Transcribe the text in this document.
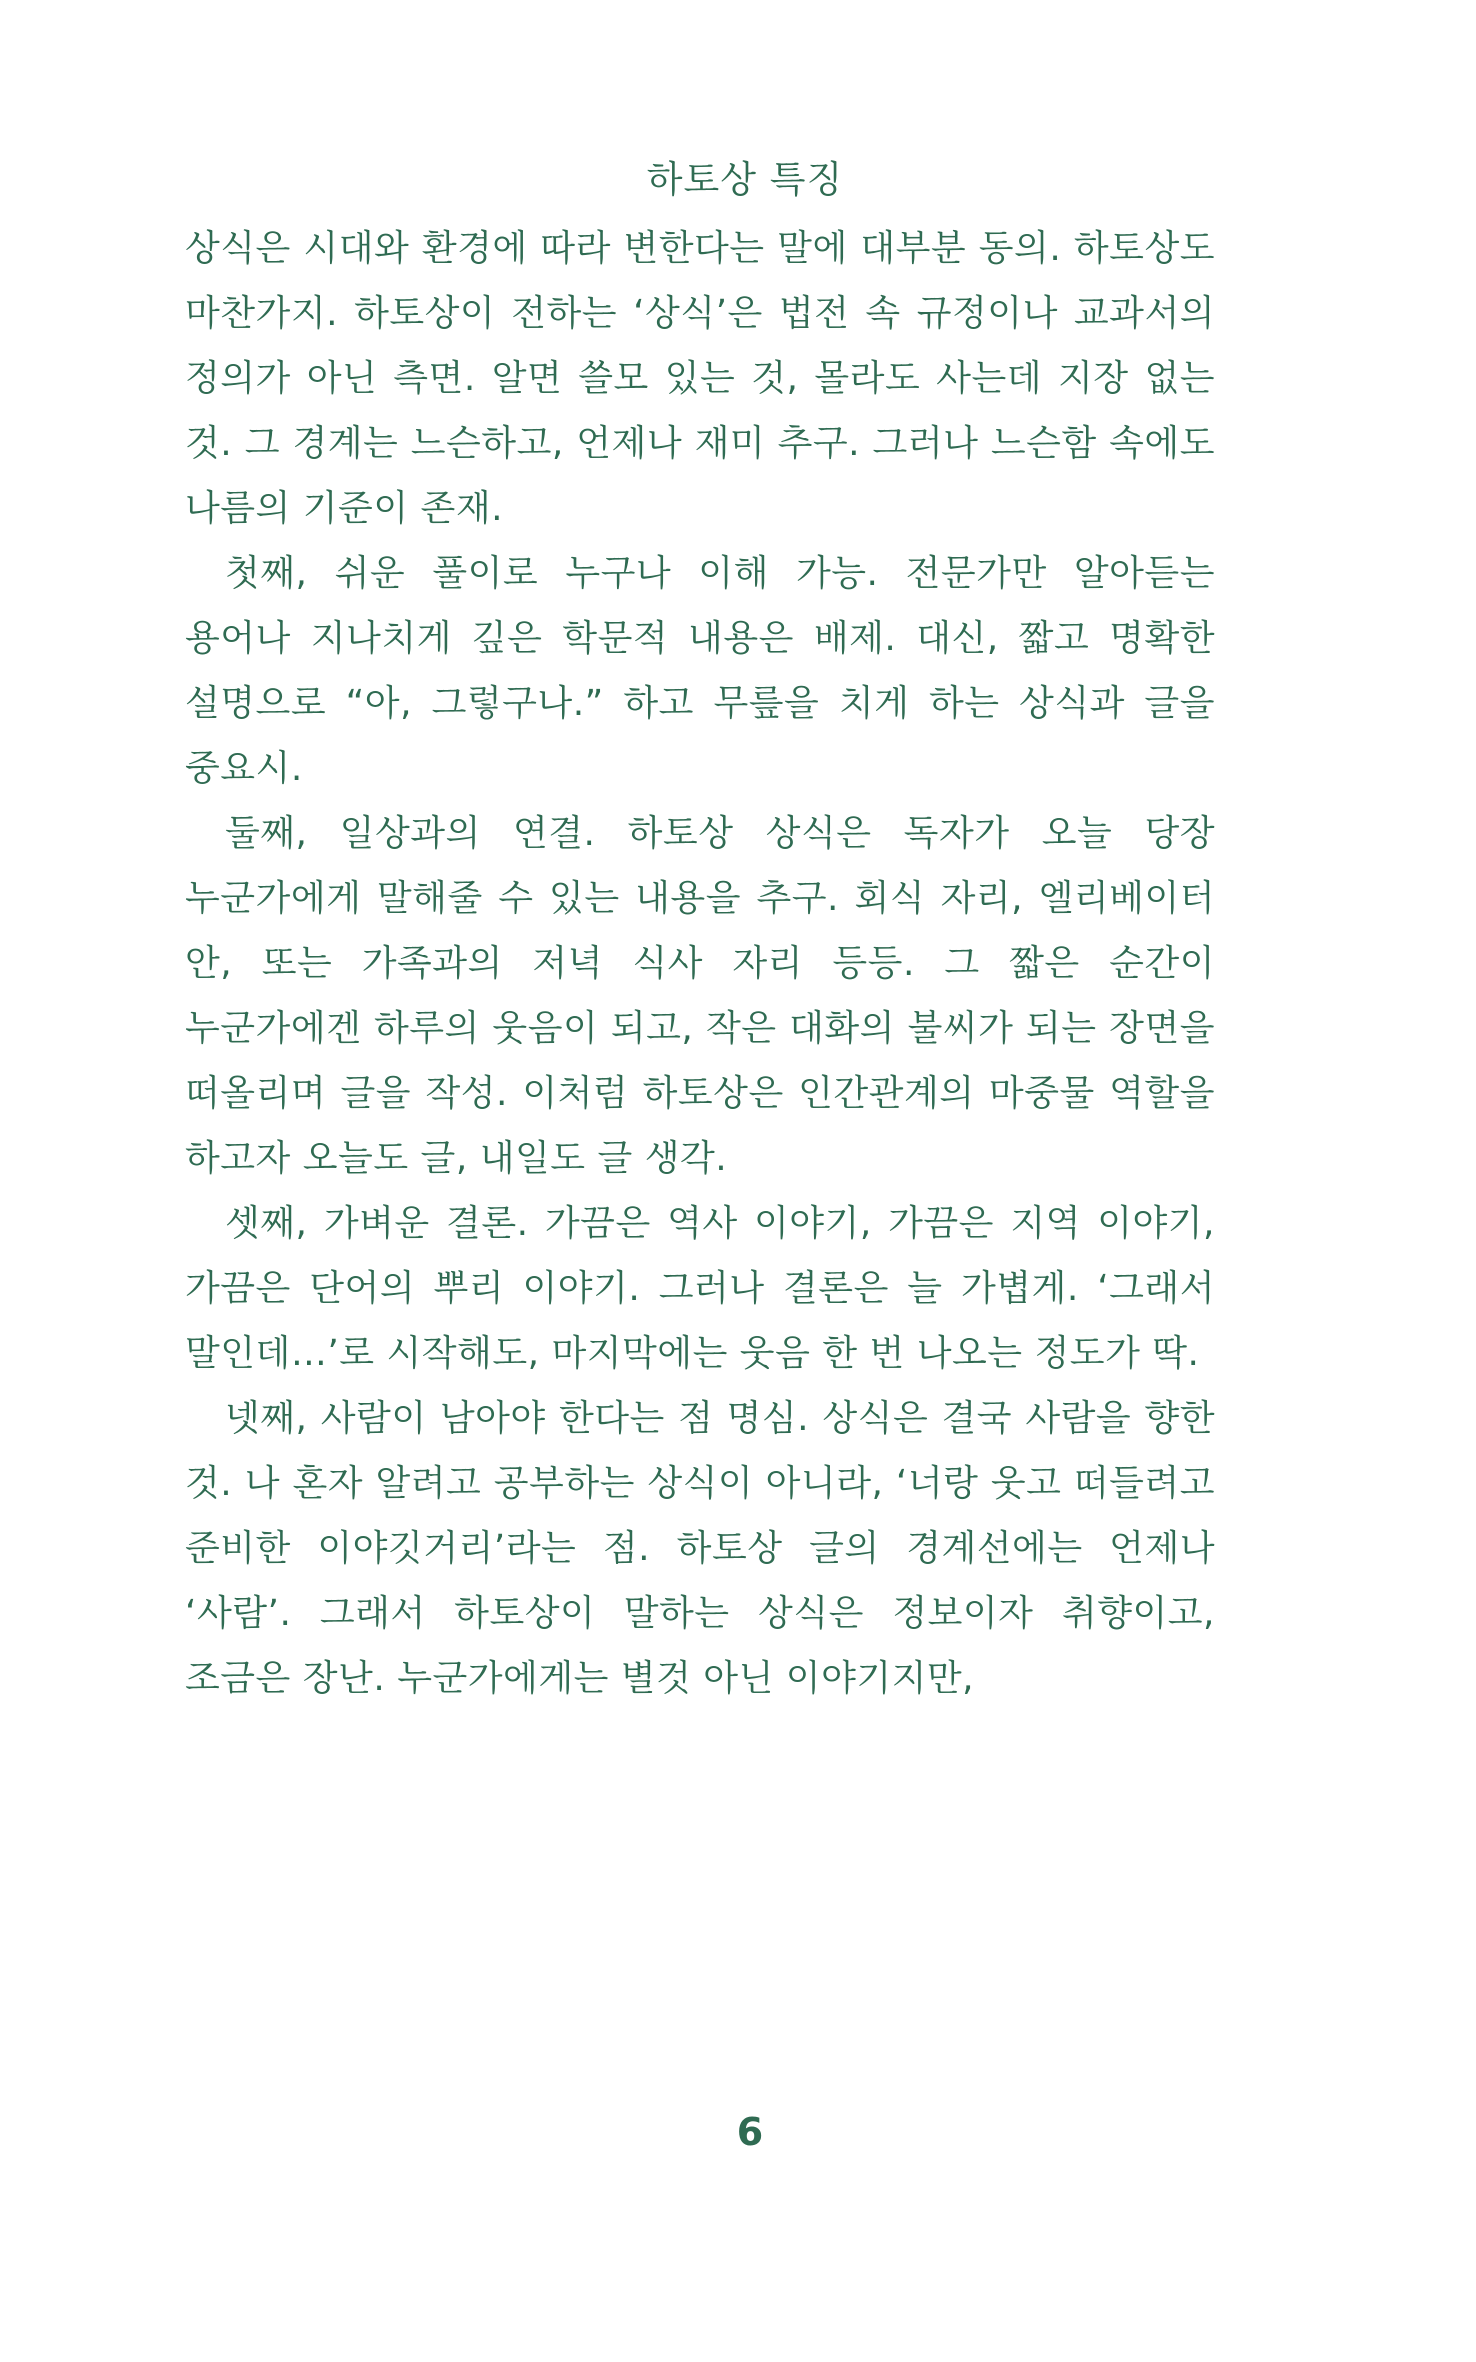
하토상 특징

상식은 시대와 환경에 따라 변한다는 말에 대부분 동의. 하토상도 마찬가지. 하토상이 전하는 ‘상식’은 법전 속 규정이나 교과서의 정의가 아닌 측면. 알면 쓸모 있는 것, 몰라도 사는데 지장 없는 것. 그 경계는 느슨하고, 언제나 재미 추구. 그러나 느슨함 속에도 나름의 기준이 존재.

첫째, 쉬운 풀이로 누구나 이해 가능. 전문가만 알아듣는 용어나 지나치게 깊은 학문적 내용은 배제. 대신, 짧고 명확한 설명으로 “아, 그렇구나.” 하고 무릎을 치게 하는 상식과 글을 중요시.

둘째, 일상과의 연결. 하토상 상식은 독자가 오늘 당장 누군가에게 말해줄 수 있는 내용을 추구. 회식 자리, 엘리베이터 안, 또는 가족과의 저녁 식사 자리 등등. 그 짧은 순간이 누군가에겐 하루의 웃음이 되고, 작은 대화의 불씨가 되는 장면을 떠올리며 글을 작성. 이처럼 하토상은 인간관계의 마중물 역할을 하고자 오늘도 글, 내일도 글 생각.

셋째, 가벼운 결론. 가끔은 역사 이야기, 가끔은 지역 이야기, 가끔은 단어의 뿌리 이야기. 그러나 결론은 늘 가볍게. ‘그래서 말인데…’로 시작해도, 마지막에는 웃음 한 번 나오는 정도가 딱.

넷째, 사람이 남아야 한다는 점 명심. 상식은 결국 사람을 향한 것. 나 혼자 알려고 공부하는 상식이 아니라, ‘너랑 웃고 떠들려고 준비한 이야깃거리’라는 점. 하토상 글의 경계선에는 언제나 ‘사람’. 그래서 하토상이 말하는 상식은 정보이자 취향이고, 조금은 장난. 누군가에게는 별것 아닌 이야기지만,

6
